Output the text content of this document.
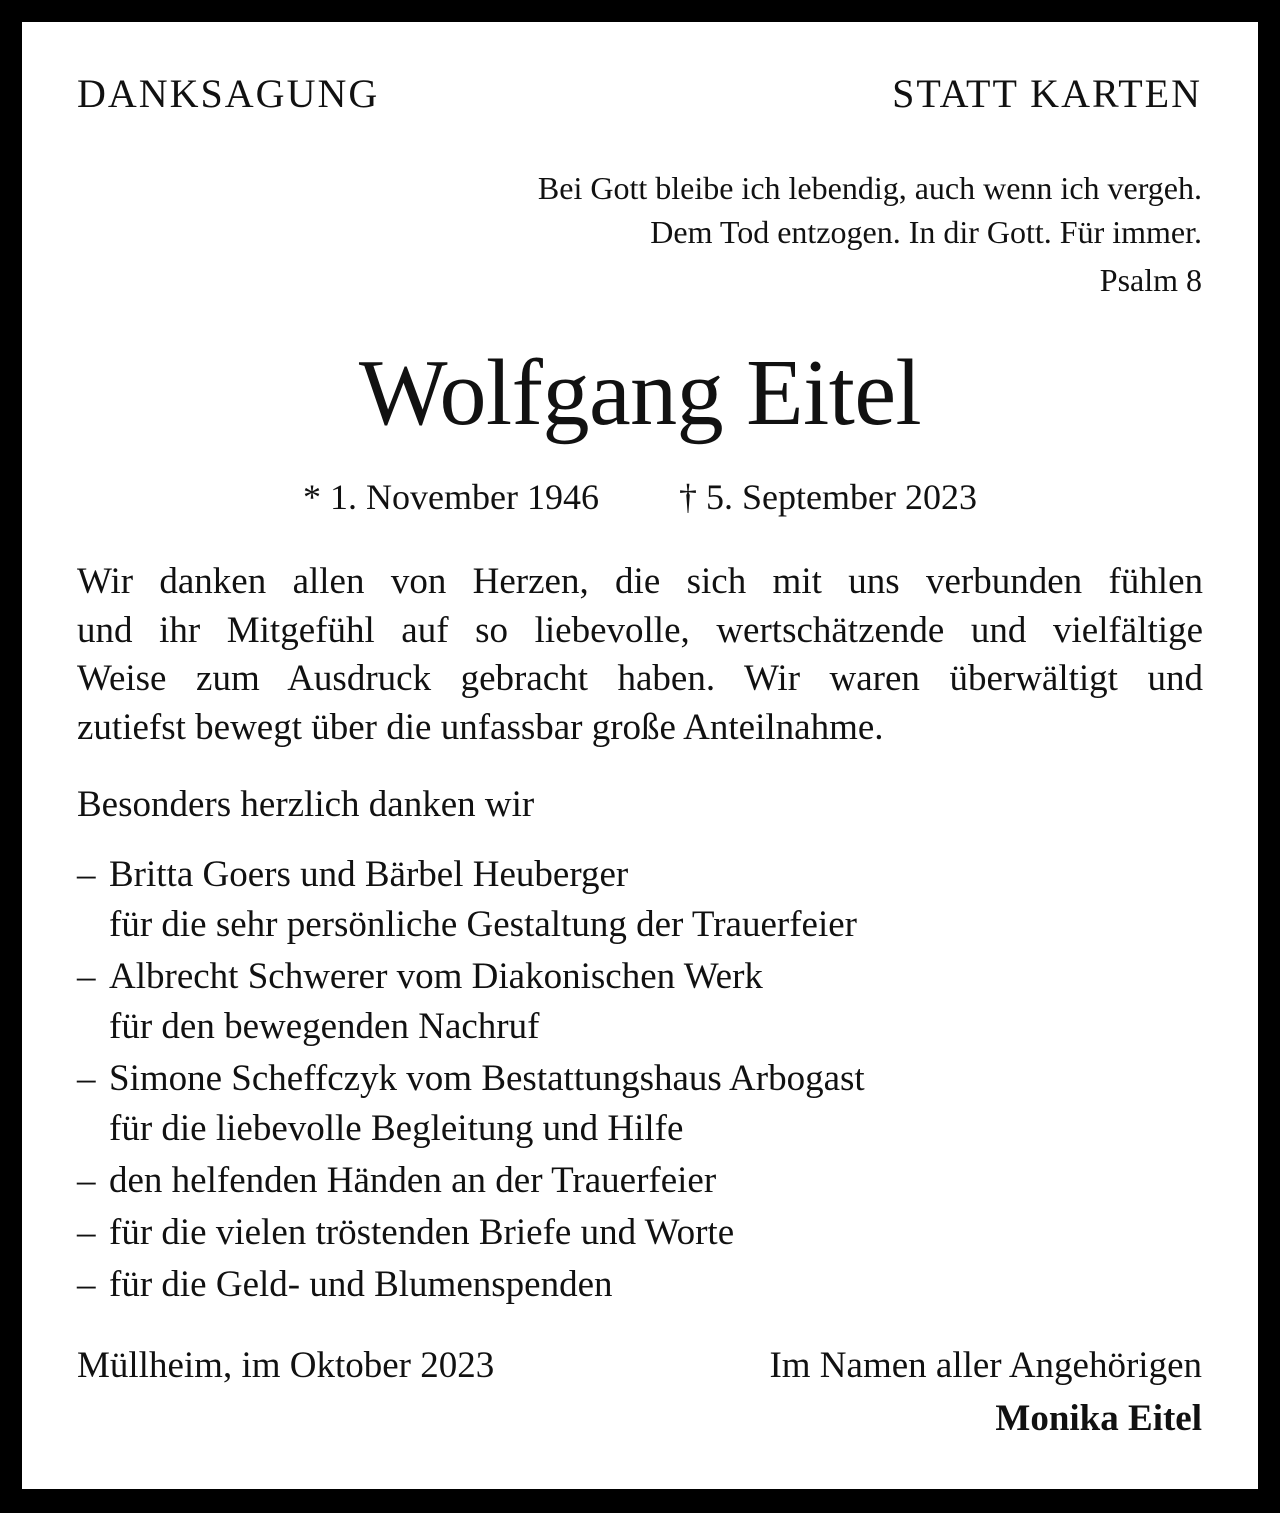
DANKSAGUNG	STATT KARTEN
Bei Gott bleibe ich lebendig, auch wenn ich vergeh.
Dem Tod entzogen. In dir Gott. Für immer.
Psalm 8
Wolfgang Eitel
* 1. November 1946 † 5. September 2023
Wir danken allen von Herzen, die sich mit uns verbunden fühlen
und ihr Mitgefühl auf so liebevolle, wertschätzende und vielfältige
Weise zum Ausdruck gebracht haben. Wir waren überwältigt und
zutiefst bewegt über die unfassbar große Anteilnahme.
Besonders herzlich danken wir
– Britta Goers und Bärbel Heuberger
für die sehr persönliche Gestaltung der Trauerfeier
– Albrecht Schwerer vom Diakonischen Werk
für den bewegenden Nachruf
– Simone Scheffczyk vom Bestattungshaus Arbogast
für die liebevolle Begleitung und Hilfe
– den helfenden Händen an der Trauerfeier
– für die vielen tröstenden Briefe und Worte
– für die Geld- und Blumenspenden
Müllheim, im Oktober 2023	Im Namen aller Angehörigen
Monika Eitel
